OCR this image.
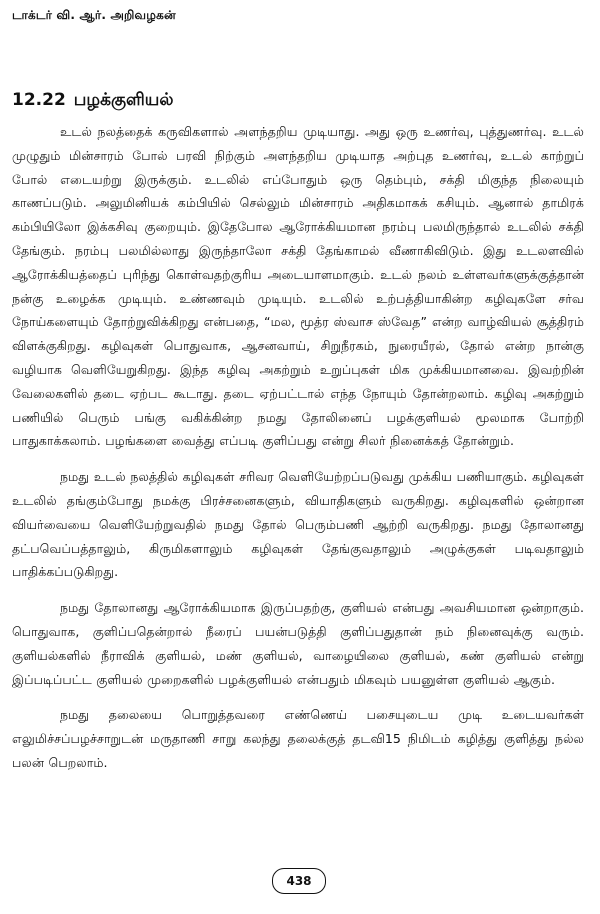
டாக்டர் வி. ஆர். அறிவழகன்
12.22 பழக்குளியல்

உடல் நலத்தைக் கருவிகளால் அளந்தறிய முடியாது. அது ஒரு உணர்வு, புத்துணர்வு. உடல் முழுதும் மின்சாரம் போல் பரவி நிற்கும் அளந்தறிய முடியாத அற்புத உணர்வு, உடல் காற்றுப் போல் எடையற்று இருக்கும். உடலில் எப்போதும் ஒரு தெம்பும், சக்தி மிகுந்த நிலையும் காணப்படும். அலுமினியக் கம்பியில் செல்லும் மின்சாரம் அதிகமாகக் கசியும். ஆனால் தாமிரக் கம்பியிலோ இக்கசிவு குறையும். இதேபோல ஆரோக்கியமான நரம்பு பலமிருந்தால் உடலில் சக்தி தேங்கும். நரம்பு பலமில்லாது இருந்தாலோ சக்தி தேங்காமல் வீணாகிவிடும். இது உடலளவில் ஆரோக்கியத்தைப் புரிந்து கொள்வதற்குரிய அடையாளமாகும். உடல் நலம் உள்ளவர்களுக்குத்தான் நன்கு உழைக்க முடியும். உண்ணவும் முடியும். உடலில் உற்பத்தியாகின்ற கழிவுகளே சர்வ நோய்களையும் தோற்றுவிக்கிறது என்பதை, “மல, மூத்ர ஸ்வாச ஸ்வேத” என்ற வாழ்வியல் சூத்திரம் விளக்குகிறது. கழிவுகள் பொதுவாக, ஆசனவாய், சிறுநீரகம், நுரையீரல், தோல் என்ற நான்கு வழியாக வெளியேறுகிறது. இந்த கழிவு அகற்றும் உறுப்புகள் மிக முக்கியமானவை. இவற்றின் வேலைகளில் தடை ஏற்பட கூடாது. தடை ஏற்பட்டால் எந்த நோயும் தோன்றலாம். கழிவு அகற்றும் பணியில் பெரும் பங்கு வகிக்கின்ற நமது தோலினைப் பழக்குளியல் மூலமாக போற்றி பாதுகாக்கலாம். பழங்களை வைத்து எப்படி குளிப்பது என்று சிலர் நினைக்கத் தோன்றும்.

நமது உடல் நலத்தில் கழிவுகள் சரிவர வெளியேற்றப்படுவது முக்கிய பணியாகும். கழிவுகள் உடலில் தங்கும்போது நமக்கு பிரச்சனைகளும், வியாதிகளும் வருகிறது. கழிவுகளில் ஒன்றான வியர்வையை வெளியேற்றுவதில் நமது தோல் பெரும்பணி ஆற்றி வருகிறது. நமது தோலானது தட்பவெப்பத்தாலும், கிருமிகளாலும் கழிவுகள் தேங்குவதாலும் அழுக்குகள் படிவதாலும் பாதிக்கப்படுகிறது.

நமது தோலானது ஆரோக்கியமாக இருப்பதற்கு, குளியல் என்பது அவசியமான ஒன்றாகும். பொதுவாக, குளிப்பதென்றால் நீரைப் பயன்படுத்தி குளிப்பதுதான் நம் நினைவுக்கு வரும். குளியல்களில் நீராவிக் குளியல், மண் குளியல், வாழையிலை குளியல், கண் குளியல் என்று இப்படிப்பட்ட குளியல் முறைகளில் பழக்குளியல் என்பதும் மிகவும் பயனுள்ள குளியல் ஆகும்.

நமது தலையை பொறுத்தவரை எண்ணெய் பசையுடைய முடி உடையவர்கள் எலுமிச்சப்பழச்சாறுடன் மருதாணி சாறு கலந்து தலைக்குத் தடவி15 நிமிடம் கழித்து குளித்து நல்ல பலன் பெறலாம்.

438
